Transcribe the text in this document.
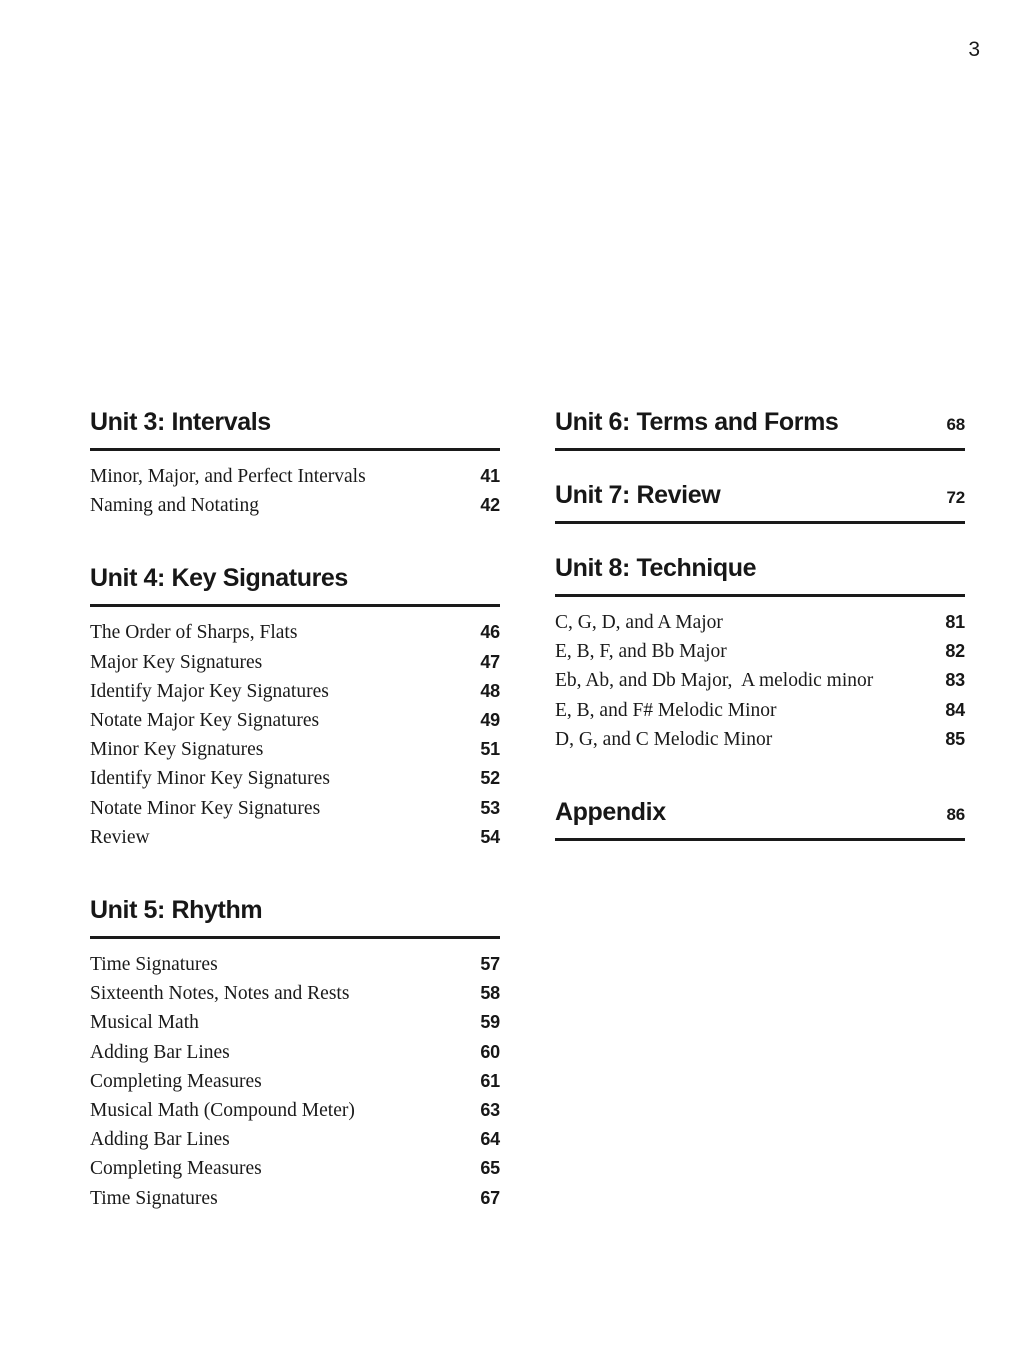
3
Unit 3: Intervals
Minor, Major, and Perfect Intervals	41
Naming and Notating	42
Unit 4: Key Signatures
The Order of Sharps, Flats	46
Major Key Signatures	47
Identify Major Key Signatures	48
Notate Major Key Signatures	49
Minor Key Signatures	51
Identify Minor Key Signatures	52
Notate Minor Key Signatures	53
Review	54
Unit 5: Rhythm
Time Signatures	57
Sixteenth Notes, Notes and Rests	58
Musical Math	59
Adding Bar Lines	60
Completing Measures	61
Musical Math (Compound Meter)	63
Adding Bar Lines	64
Completing Measures	65
Time Signatures	67
Unit 6: Terms and Forms	68
Unit 7: Review	72
Unit 8: Technique
C, G, D, and A Major	81
E, B, F, and Bb Major	82
Eb, Ab, and Db Major,  A melodic minor	83
E, B, and F# Melodic Minor	84
D, G, and C Melodic Minor	85
Appendix	86
